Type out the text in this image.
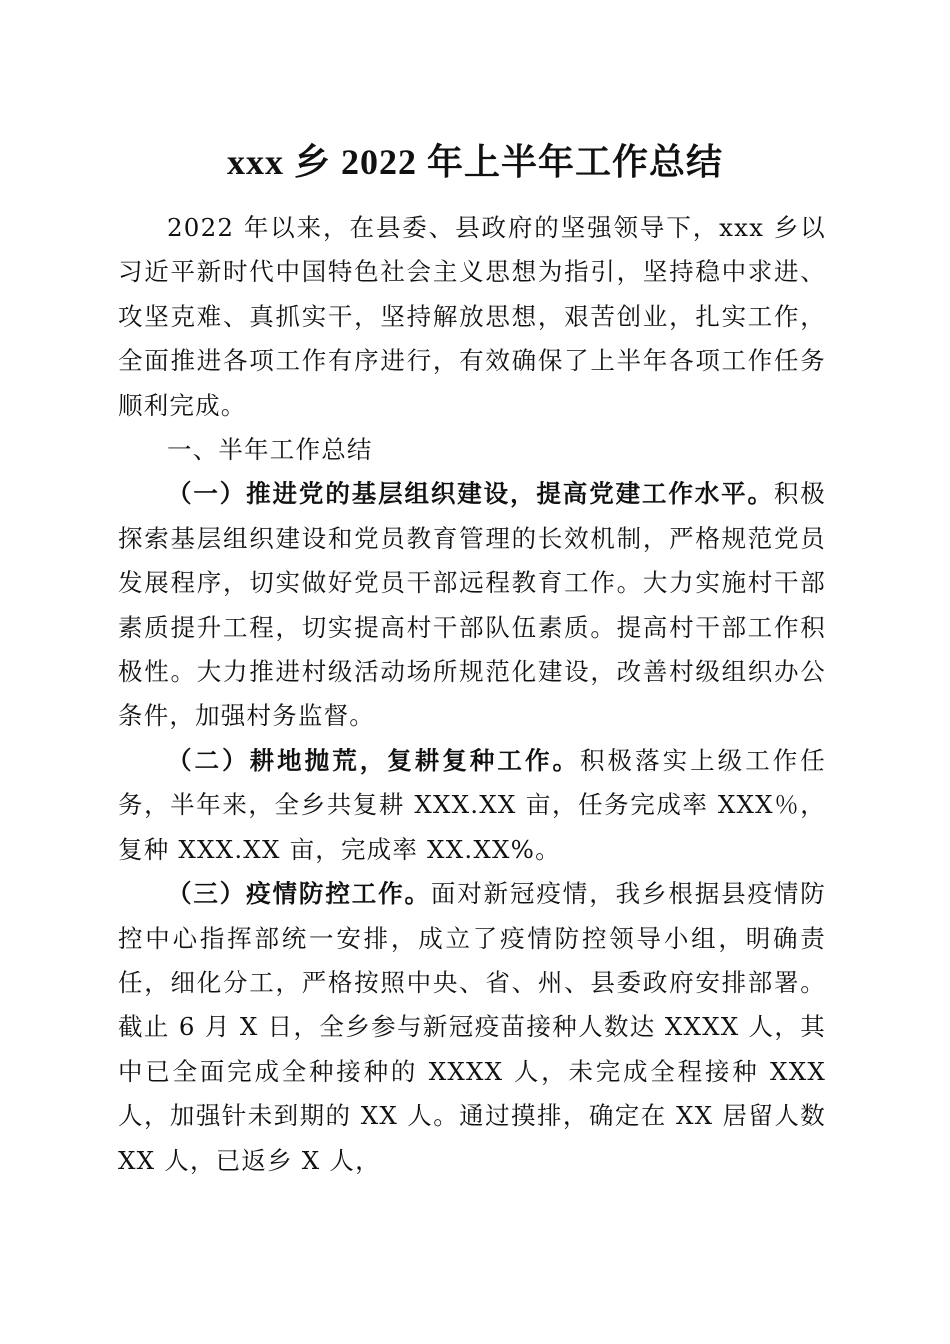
xxx 乡 2022 年上半年工作总结

2022 年以来，在县委、县政府的坚强领导下，xxx 乡以习近平新时代中国特色社会主义思想为指引，坚持稳中求进、攻坚克难、真抓实干，坚持解放思想，艰苦创业，扎实工作，全面推进各项工作有序进行，有效确保了上半年各项工作任务顺利完成。

一、半年工作总结

（一）推进党的基层组织建设，提高党建工作水平。积极探索基层组织建设和党员教育管理的长效机制，严格规范党员发展程序，切实做好党员干部远程教育工作。大力实施村干部素质提升工程，切实提高村干部队伍素质。提高村干部工作积极性。大力推进村级活动场所规范化建设，改善村级组织办公条件，加强村务监督。

（二）耕地抛荒，复耕复种工作。积极落实上级工作任务，半年来，全乡共复耕 XXX.XX 亩，任务完成率 XXX％，复种 XXX.XX 亩，完成率 XX.XX%。

（三）疫情防控工作。面对新冠疫情，我乡根据县疫情防控中心指挥部统一安排，成立了疫情防控领导小组，明确责任，细化分工，严格按照中央、省、州、县委政府安排部署。截止 6 月 X 日，全乡参与新冠疫苗接种人数达 XXXX 人，其中已全面完成全种接种的 XXXX 人，未完成全程接种 XXX 人，加强针未到期的 XX 人。通过摸排，确定在 XX 居留人数 XX 人，已返乡 X 人，
